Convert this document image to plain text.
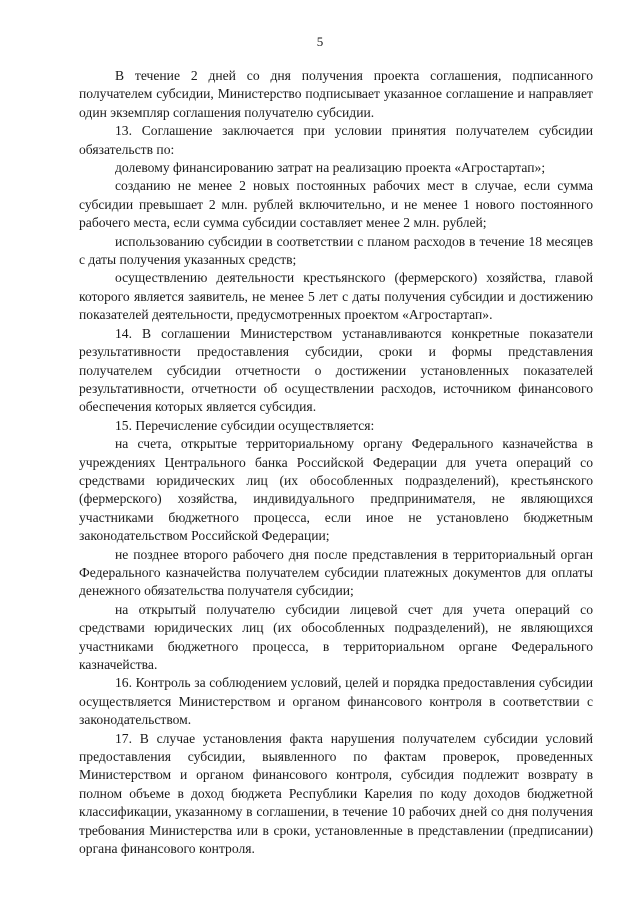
5

В течение 2 дней со дня получения проекта соглашения, подписанного получателем субсидии, Министерство подписывает указанное соглашение и направляет один экземпляр соглашения получателю субсидии.

13. Соглашение заключается при условии принятия получателем субсидии обязательств по:

долевому финансированию затрат на реализацию проекта «Агростартап»;

созданию не менее 2 новых постоянных рабочих мест в случае, если сумма субсидии превышает 2 млн. рублей включительно, и не менее 1 нового постоянного рабочего места, если сумма субсидии составляет менее 2 млн. рублей;

использованию субсидии в соответствии с планом расходов в течение 18 месяцев с даты получения указанных средств;

осуществлению деятельности крестьянского (фермерского) хозяйства, главой которого является заявитель, не менее 5 лет с даты получения субсидии и достижению показателей деятельности, предусмотренных проектом «Агростартап».

14. В соглашении Министерством устанавливаются конкретные показатели результативности предоставления субсидии, сроки и формы представления получателем субсидии отчетности о достижении установленных показателей результативности, отчетности об осуществлении расходов, источником финансового обеспечения которых является субсидия.

15. Перечисление субсидии осуществляется:

на счета, открытые территориальному органу Федерального казначейства в учреждениях Центрального банка Российской Федерации для учета операций со средствами юридических лиц (их обособленных подразделений), крестьянского (фермерского) хозяйства, индивидуального предпринимателя, не являющихся участниками бюджетного процесса, если иное не установлено бюджетным законодательством Российской Федерации;

не позднее второго рабочего дня после представления в территориальный орган Федерального казначейства получателем субсидии платежных документов для оплаты денежного обязательства получателя субсидии;

на открытый получателю субсидии лицевой счет для учета операций со средствами юридических лиц (их обособленных подразделений), не являющихся участниками бюджетного процесса, в территориальном органе Федерального казначейства.

16. Контроль за соблюдением условий, целей и порядка предоставления субсидии осуществляется Министерством и органом финансового контроля в соответствии с законодательством.

17. В случае установления факта нарушения получателем субсидии условий предоставления субсидии, выявленного по фактам проверок, проведенных Министерством и органом финансового контроля, субсидия подлежит возврату в полном объеме в доход бюджета Республики Карелия по коду доходов бюджетной классификации, указанному в соглашении, в течение 10 рабочих дней со дня получения требования Министерства или в сроки, установленные в представлении (предписании) органа финансового контроля.
